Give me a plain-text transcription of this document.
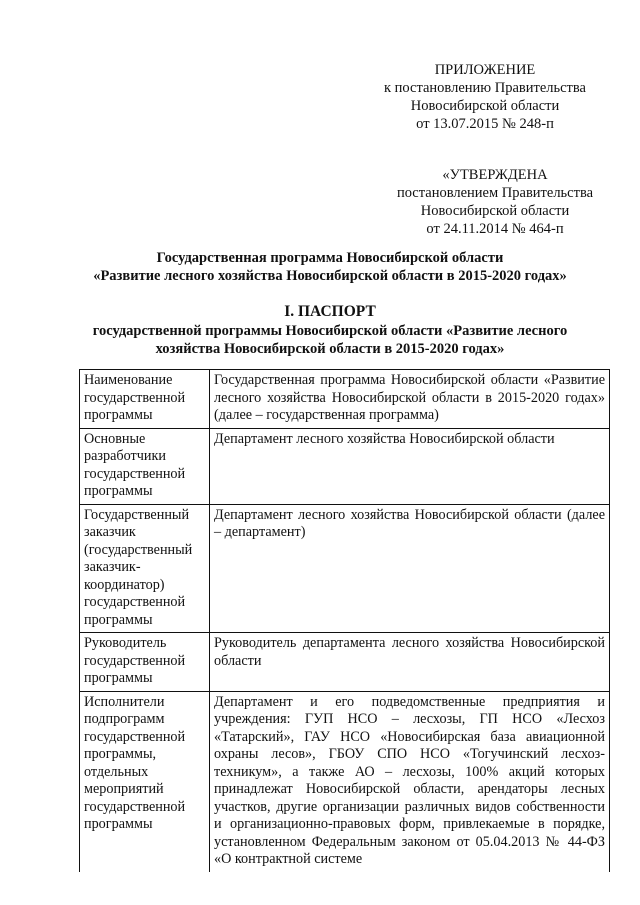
ПРИЛОЖЕНИЕ
к постановлению Правительства
Новосибирской области
от 13.07.2015 № 248-п
«УТВЕРЖДЕНА
постановлением Правительства
Новосибирской области
от 24.11.2014 № 464-п
Государственная программа Новосибирской области
«Развитие лесного хозяйства Новосибирской области в 2015-2020 годах»
I. ПАСПОРТ
государственной программы Новосибирской области «Развитие лесного
хозяйства Новосибирской области в 2015-2020 годах»
Наименование государственной программы	Государственная программа Новосибирской области «Развитие лесного хозяйства Новосибирской области в 2015-2020 годах» (далее – государственная программа)
Основные разработчики государственной программы	Департамент лесного хозяйства Новосибирской области
Государственный заказчик (государственный заказчик-координатор) государственной программы	Департамент лесного хозяйства Новосибирской области (далее – департамент)
Руководитель государственной программы	Руководитель департамента лесного хозяйства Новосибирской области
Исполнители подпрограмм государственной программы, отдельных мероприятий государственной программы	Департамент и его подведомственные предприятия и учреждения: ГУП НСО – лесхозы, ГП НСО «Лесхоз «Татарский», ГАУ НСО «Новосибирская база авиационной охраны лесов», ГБОУ СПО НСО «Тогучинский лесхоз-техникум», а также АО – лесхозы, 100% акций которых принадлежат Новосибирской области, арендаторы лесных участков, другие организации различных видов собственности и организационно-правовых форм, привлекаемые в порядке, установленном Федеральным законом от 05.04.2013 № 44-ФЗ «О контрактной системе
